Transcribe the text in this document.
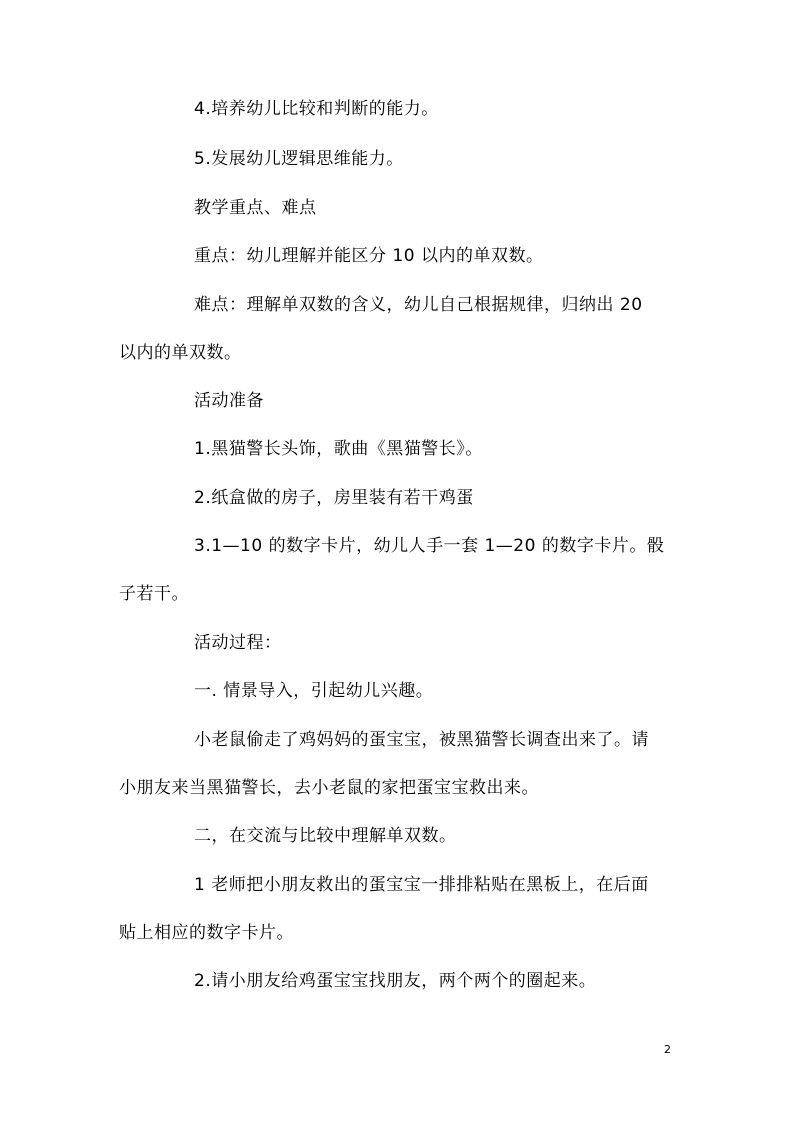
4.培养幼儿比较和判断的能力。
5.发展幼儿逻辑思维能力。
教学重点、难点
重点：幼儿理解并能区分 10 以内的单双数。
难点：理解单双数的含义，幼儿自己根据规律，归纳出 20
以内的单双数。
活动准备
1.黑猫警长头饰，歌曲《黑猫警长》。
2.纸盒做的房子，房里装有若干鸡蛋
3.1—10 的数字卡片，幼儿人手一套 1—20 的数字卡片。骰
子若干。
活动过程：
一. 情景导入，引起幼儿兴趣。
小老鼠偷走了鸡妈妈的蛋宝宝，被黑猫警长调查出来了。请
小朋友来当黑猫警长，去小老鼠的家把蛋宝宝救出来。
二，在交流与比较中理解单双数。
1 老师把小朋友救出的蛋宝宝一排排粘贴在黑板上，在后面
贴上相应的数字卡片。
2.请小朋友给鸡蛋宝宝找朋友，两个两个的圈起来。
2
